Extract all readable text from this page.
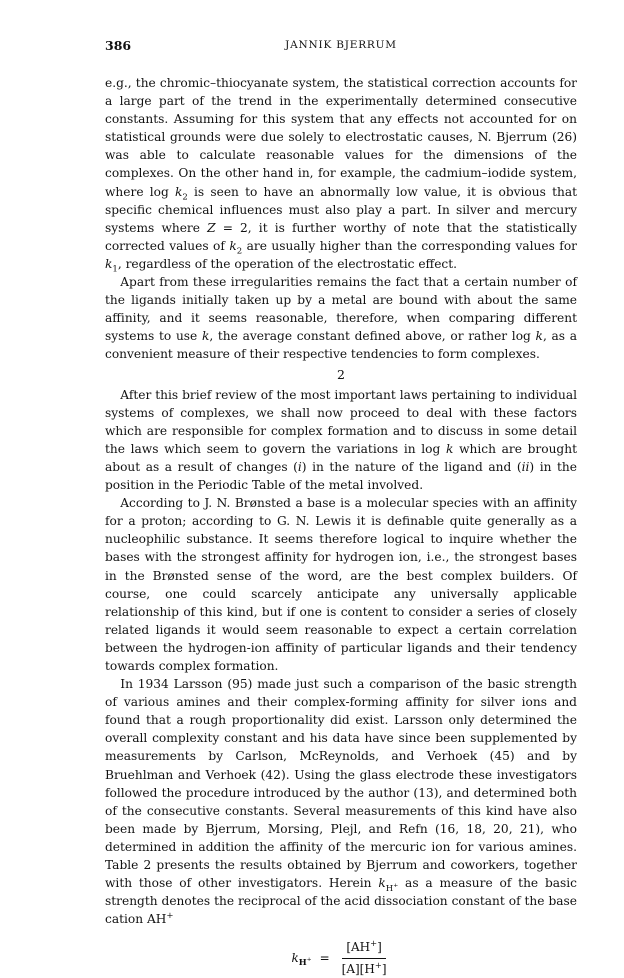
386	JANNIK BJERRUM

e.g., the chromic–thiocyanate system, the statistical correction accounts for a large part of the trend in the experimentally determined consecutive constants. Assuming for this system that any effects not accounted for on statistical grounds were due solely to electrostatic causes, N. Bjerrum (26) was able to calculate reasonable values for the dimensions of the complexes. On the other hand in, for example, the cadmium–iodide system, where $\log k_2$ is seen to have an abnormally low value, it is obvious that specific chemical influences must also play a part. In silver and mercury systems where Z = 2, it is further worthy of note that the statistically corrected values of $k_2$ are usually higher than the corresponding values for $k_1$, regardless of the operation of the electrostatic effect.

Apart from these irregularities remains the fact that a certain number of the ligands initially taken up by a metal are bound with about the same affinity, and it seems reasonable, therefore, when comparing different systems to use k, the average constant defined above, or rather log k, as a convenient measure of their respective tendencies to form complexes.

2

After this brief review of the most important laws pertaining to individual systems of complexes, we shall now proceed to deal with these factors which are responsible for complex formation and to discuss in some detail the laws which seem to govern the variations in log k which are brought about as a result of changes (i) in the nature of the ligand and (ii) in the position in the Periodic Table of the metal involved.

According to J. N. Brønsted a base is a molecular species with an affinity for a proton; according to G. N. Lewis it is definable quite generally as a nucleophilic substance. It seems therefore logical to inquire whether the bases with the strongest affinity for hydrogen ion, i.e., the strongest bases in the Brønsted sense of the word, are the best complex builders. Of course, one could scarcely anticipate any universally applicable relationship of this kind, but if one is content to consider a series of closely related ligands it would seem reasonable to expect a certain correlation between the hydrogen-ion affinity of particular ligands and their tendency towards complex formation.

In 1934 Larsson (95) made just such a comparison of the basic strength of various amines and their complex-forming affinity for silver ions and found that a rough proportionality did exist. Larsson only determined the overall complexity constant and his data have since been supplemented by measurements by Carlson, McReynolds, and Verhoek (45) and by Bruehlman and Verhoek (42). Using the glass electrode these investigators followed the procedure introduced by the author (13), and determined both of the consecutive constants. Several measurements of this kind have also been made by Bjerrum, Morsing, Plejl, and Refn (16, 18, 20, 21), who determined in addition the affinity of the mercuric ion for various amines. Table 2 presents the results obtained by Bjerrum and coworkers, together with those of other investigators. Herein $k_{H^+}$ as a measure of the basic strength denotes the reciprocal of the acid dissociation constant of the base cation AH+

$k_{H^+} = \frac{[AH^+]}{[A][H^+]}$
